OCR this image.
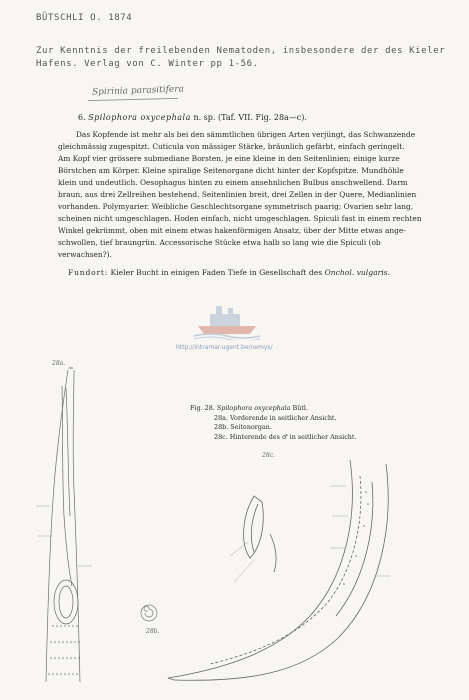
BÜTSCHLI O. 1874
Zur Kenntnis der freilebenden Nematoden, insbesondere der des Kieler
Hafens. Verlag von C. Winter pp 1-56.
Spirinia parasitifera
6. Spilophora oxycephala n. sp. (Taf. VII. Fig. 28a—c).
Das Kopfende ist mehr als bei den sämmtlichen übrigen Arten verjüngt, das Schwanzende
gleichmässig zugespitzt. Cuticula von mässiger Stärke, bräunlich gefärbt, einfach geringelt.
Am Kopf vier grössere submediane Borsten, je eine kleine in den Seitenlinien; einige kurze
Börstchen am Körper. Kleine spiralige Seitenorgane dicht hinter der Kopfspitze. Mundhöhle
klein und undeutlich. Oesophagus hinten zu einem ansehnlichen Bulbus anschwellend. Darm
braun, aus drei Zellreihen bestehend. Seitenlinien breit, drei Zellen in der Quere, Medianlinien
vorhanden. Polymyarier. Weibliche Geschlechtsorgane symmetrisch paarig; Ovarien sehr lang,
scheinen nicht umgeschlagen. Hoden einfach, nicht umgeschlagen. Spiculi fast in einem rechten
Winkel gekrümmt, oben mit einem etwas hakenförmigen Ansatz, über der Mitte etwas ange-
schwollen, tief braungrün. Accessorische Stücke etwa halb so lang wie die Spiculi (ob
verwachsen?).
Fundort: Kieler Bucht in einigen Faden Tiefe in Gesellschaft des Onchol. vulgaris.
http://intramar.ugent.be/nemys/
28a.
28b.
Fig. 28. Spilophora oxycephala Bütl.
28a. Vorderende in seitlicher Ansicht.
28b. Seitenorgan.
28c. Hinterende des ♂ in seitlicher Ansicht.
28c.
